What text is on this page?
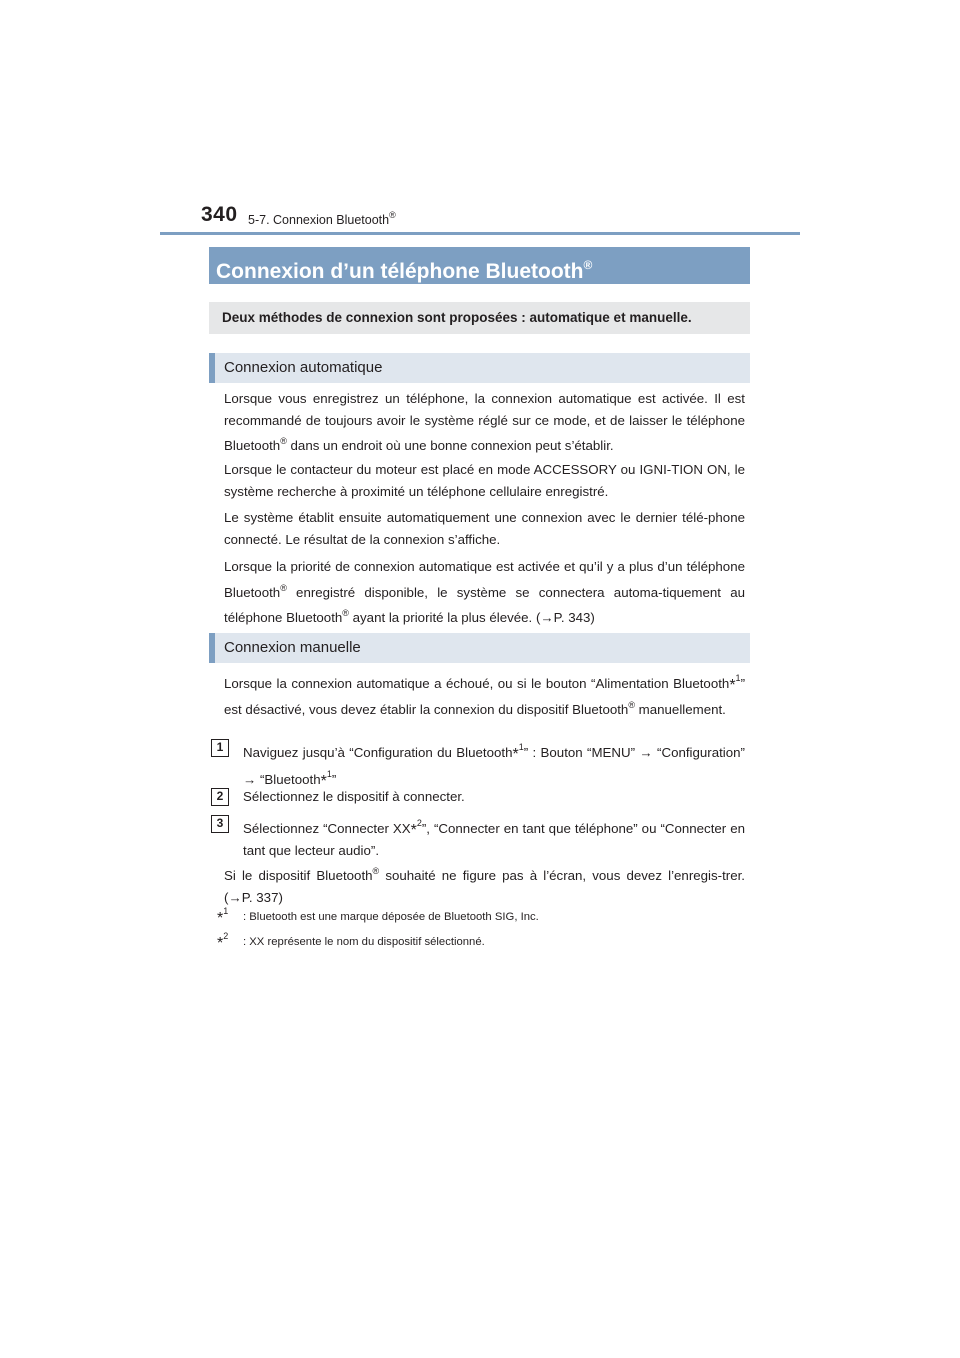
340 5-7. Connexion Bluetooth®
Connexion d’un téléphone Bluetooth®
Deux méthodes de connexion sont proposées : automatique et manuelle.
Connexion automatique
Lorsque vous enregistrez un téléphone, la connexion automatique est activée. Il est recommandé de toujours avoir le système réglé sur ce mode, et de laisser le téléphone Bluetooth® dans un endroit où une bonne connexion peut s’établir.
Lorsque le contacteur du moteur est placé en mode ACCESSORY ou IGNI-TION ON, le système recherche à proximité un téléphone cellulaire enregistré.
Le système établit ensuite automatiquement une connexion avec le dernier télé-phone connecté. Le résultat de la connexion s’affiche.
Lorsque la priorité de connexion automatique est activée et qu’il y a plus d’un téléphone Bluetooth® enregistré disponible, le système se connectera automa-tiquement au téléphone Bluetooth® ayant la priorité la plus élevée. (→P. 343)
Connexion manuelle
Lorsque la connexion automatique a échoué, ou si le bouton “Alimentation Bluetooth*$^1$” est désactivé, vous devez établir la connexion du dispositif Bluetooth® manuellement.
1	Naviguez jusqu’à “Configuration du Bluetooth*$^1$” : Bouton “MENU” → “Configuration” → “Bluetooth*$^1$”
2	Sélectionnez le dispositif à connecter.
3	Sélectionnez “Connecter XX*$^2$”, “Connecter en tant que téléphone” ou “Connecter en tant que lecteur audio”.
Si le dispositif Bluetooth® souhaité ne figure pas à l’écran, vous devez l’enregis-trer. (→P. 337)
*$^1$ : Bluetooth est une marque déposée de Bluetooth SIG, Inc.
*$^2$ : XX représente le nom du dispositif sélectionné.
